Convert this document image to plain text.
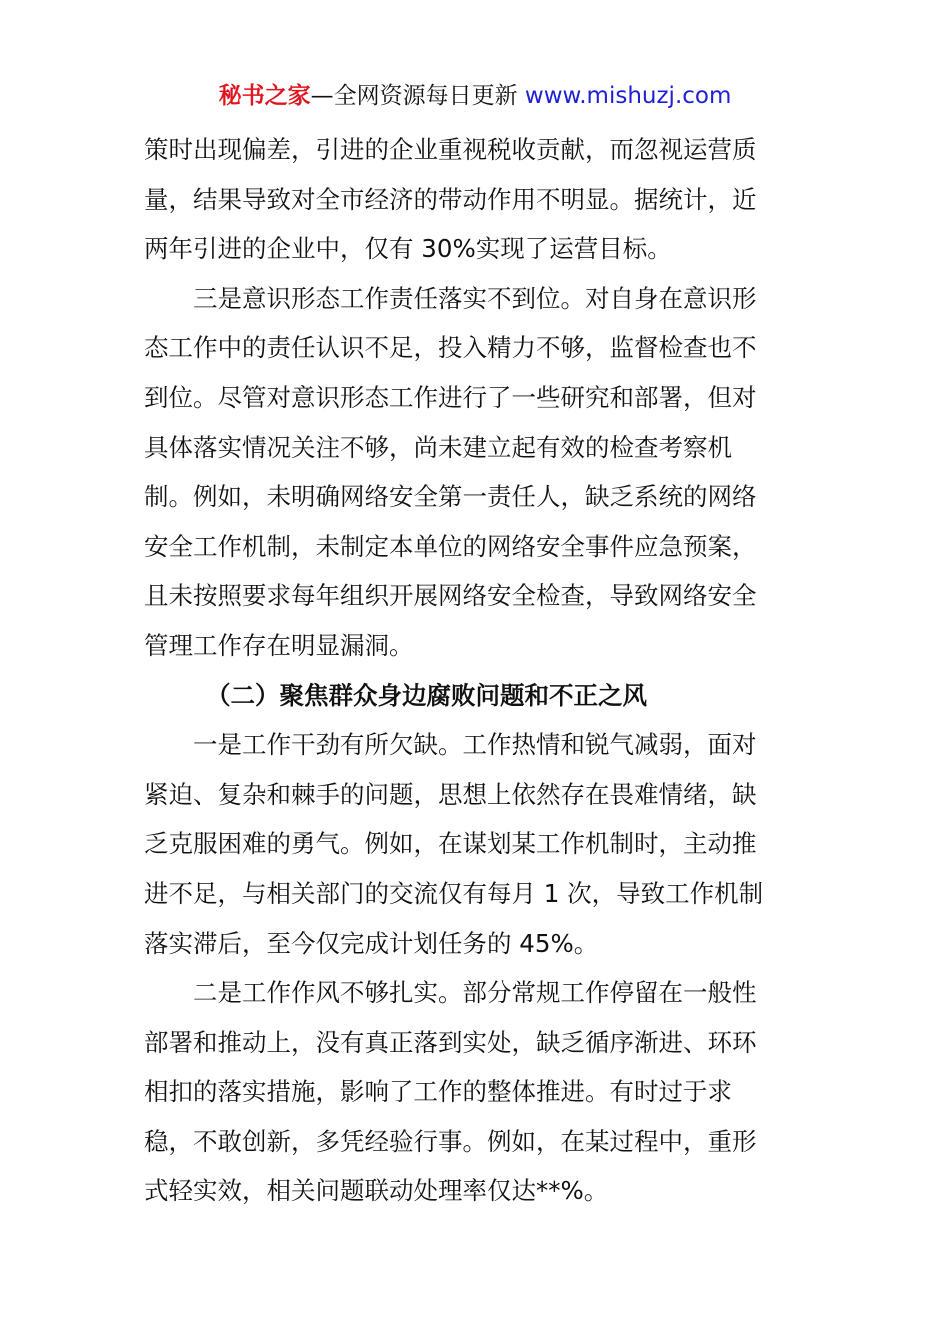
秘书之家—全网资源每日更新 www.mishuzj.com
策时出现偏差，引进的企业重视税收贡献，而忽视运营质
量，结果导致对全市经济的带动作用不明显。据统计，近
两年引进的企业中，仅有 30%实现了运营目标。
三是意识形态工作责任落实不到位。对自身在意识形
态工作中的责任认识不足，投入精力不够，监督检查也不
到位。尽管对意识形态工作进行了一些研究和部署，但对
具体落实情况关注不够，尚未建立起有效的检查考察机
制。例如，未明确网络安全第一责任人，缺乏系统的网络
安全工作机制，未制定本单位的网络安全事件应急预案，
且未按照要求每年组织开展网络安全检查，导致网络安全
管理工作存在明显漏洞。
（二）聚焦群众身边腐败问题和不正之风
一是工作干劲有所欠缺。工作热情和锐气减弱，面对
紧迫、复杂和棘手的问题，思想上依然存在畏难情绪，缺
乏克服困难的勇气。例如，在谋划某工作机制时，主动推
进不足，与相关部门的交流仅有每月 1 次，导致工作机制
落实滞后，至今仅完成计划任务的 45%。
二是工作作风不够扎实。部分常规工作停留在一般性
部署和推动上，没有真正落到实处，缺乏循序渐进、环环
相扣的落实措施，影响了工作的整体推进。有时过于求
稳，不敢创新，多凭经验行事。例如，在某过程中，重形
式轻实效，相关问题联动处理率仅达**%。
